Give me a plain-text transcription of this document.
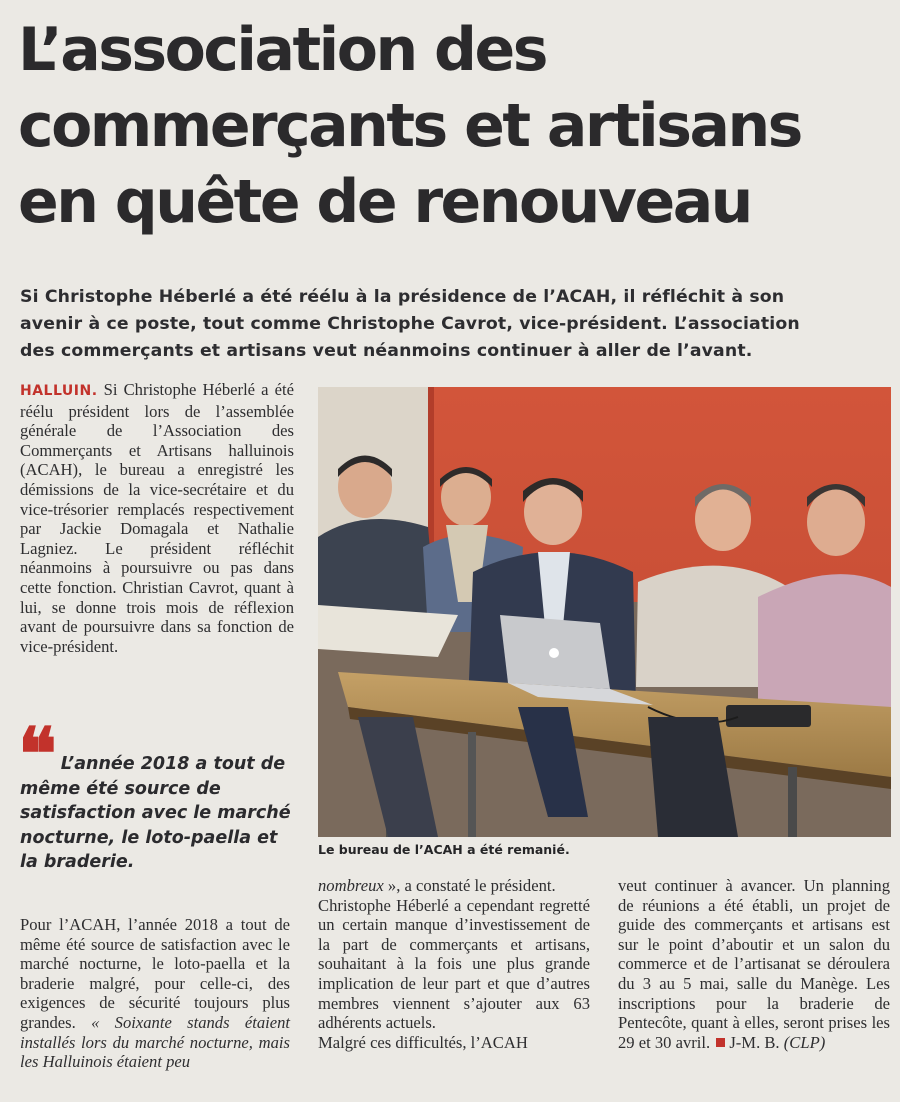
L’association des
commerçants et artisans
en quête de renouveau

Si Christophe Héberlé a été réélu à la présidence de l’ACAH, il réfléchit à son
avenir à ce poste, tout comme Christophe Cavrot, vice-président. L’association
des commerçants et artisans veut néanmoins continuer à aller de l’avant.

HALLUIN. Si Christophe Héberlé a été réélu président lors de l’assemblée générale de l’Association des Commerçants et Artisans halluinois (ACAH), le bureau a enregistré les démissions de la vice-secrétaire et du vice-trésorier remplacés respectivement par Jackie Domagala et Nathalie Lagniez. Le président réfléchit néanmoins à poursuivre ou pas dans cette fonction. Christian Cavrot, quant à lui, se donne trois mois de réflexion avant de poursuivre dans sa fonction de vice-président.

❝ L’année 2018 a tout de même été source de satisfaction avec le marché nocturne, le loto-paella et la braderie.

Pour l’ACAH, l’année 2018 a tout de même été source de satisfaction avec le marché nocturne, le loto-paella et la braderie malgré, pour celle-ci, des exigences de sécurité toujours plus grandes. « Soixante stands étaient installés lors du marché nocturne, mais les Halluinois étaient peu

Le bureau de l’ACAH a été remanié.

nombreux », a constaté le président.
Christophe Héberlé a cependant regretté un certain manque d’investissement de la part de commerçants et artisans, souhaitant à la fois une plus grande implication de leur part et que d’autres membres viennent s’ajouter aux 63 adhérents actuels.
Malgré ces difficultés, l’ACAH

veut continuer à avancer. Un planning de réunions a été établi, un projet de guide des commerçants et artisans est sur le point d’aboutir et un salon du commerce et de l’artisanat se déroulera du 3 au 5 mai, salle du Manège. Les inscriptions pour la braderie de Pentecôte, quant à elles, seront prises les 29 et 30 avril. J-M. B. (CLP)
